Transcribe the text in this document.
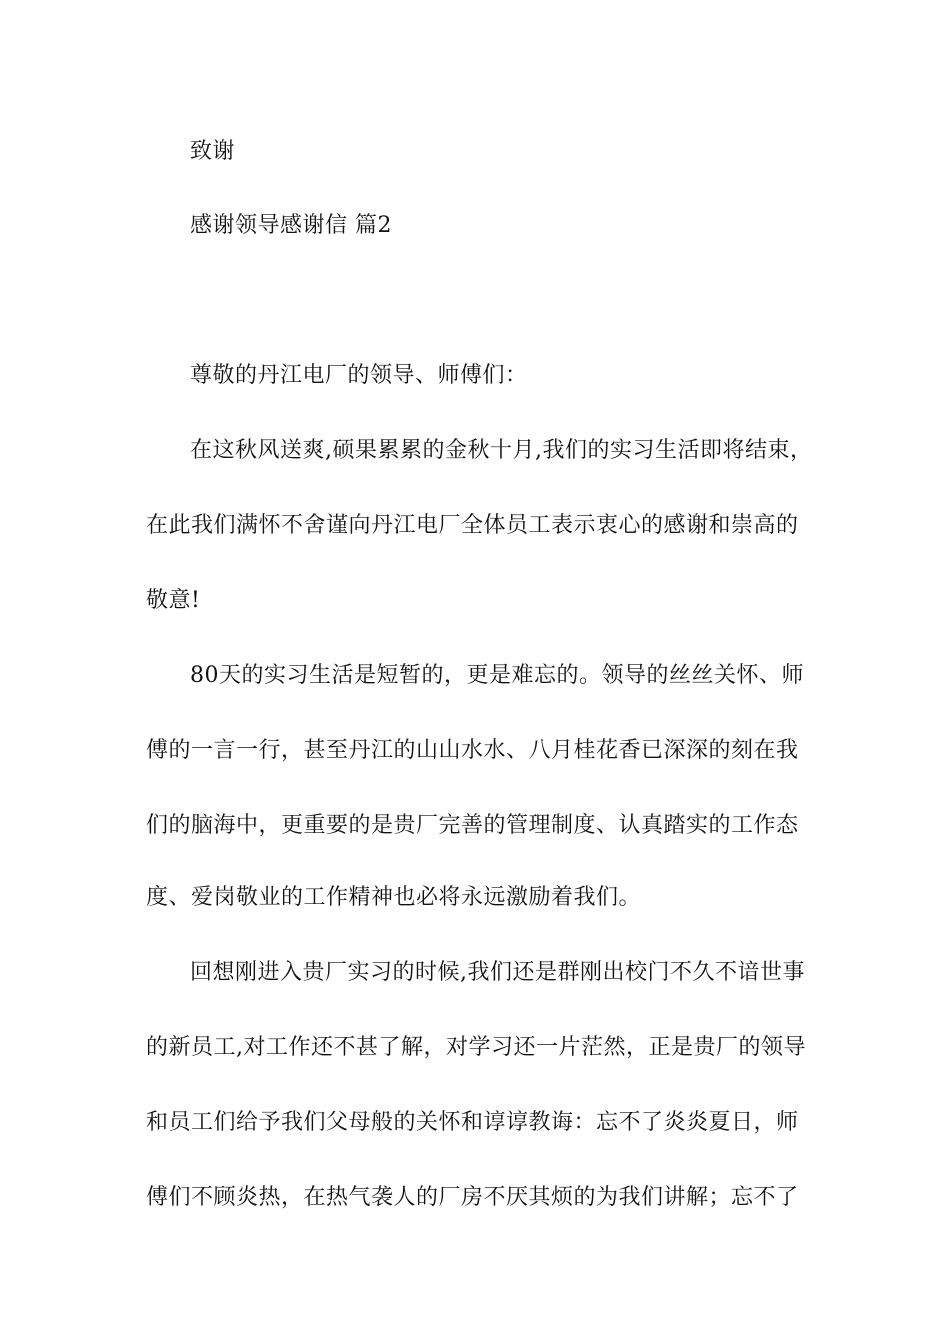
致谢
感谢领导感谢信 篇2
尊敬的丹江电厂的领导、师傅们：
在这秋风送爽,硕果累累的金秋十月,我们的实习生活即将结束，
在此我们满怀不舍谨向丹江电厂全体员工表示衷心的感谢和崇高的
敬意!
80天的实习生活是短暂的，更是难忘的。领导的丝丝关怀、师
傅的一言一行，甚至丹江的山山水水、八月桂花香已深深的刻在我
们的脑海中，更重要的是贵厂完善的管理制度、认真踏实的工作态
度、爱岗敬业的工作精神也必将永远激励着我们。
回想刚进入贵厂实习的时候,我们还是群刚出校门不久不谙世事
的新员工,对工作还不甚了解，对学习还一片茫然，正是贵厂的领导
和员工们给予我们父母般的关怀和谆谆教诲：忘不了炎炎夏日，师
傅们不顾炎热，在热气袭人的厂房不厌其烦的为我们讲解；忘不了
